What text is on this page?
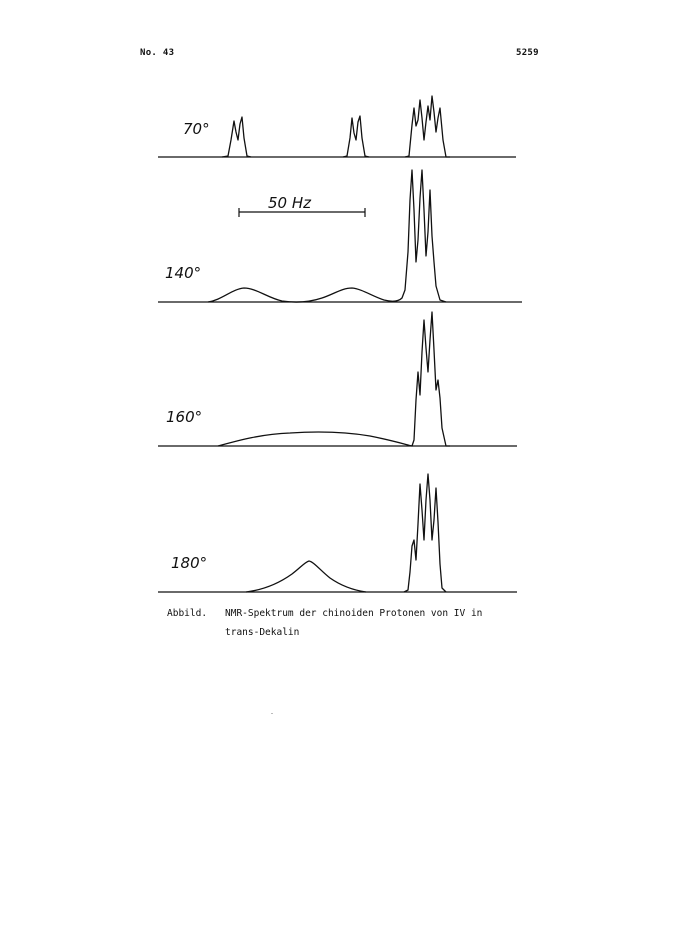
No. 43	5259
70°
50 Hz
140°
160°
180°
Abbild. NMR-Spektrum der chinoiden Protonen von IV in trans-Dekalin
